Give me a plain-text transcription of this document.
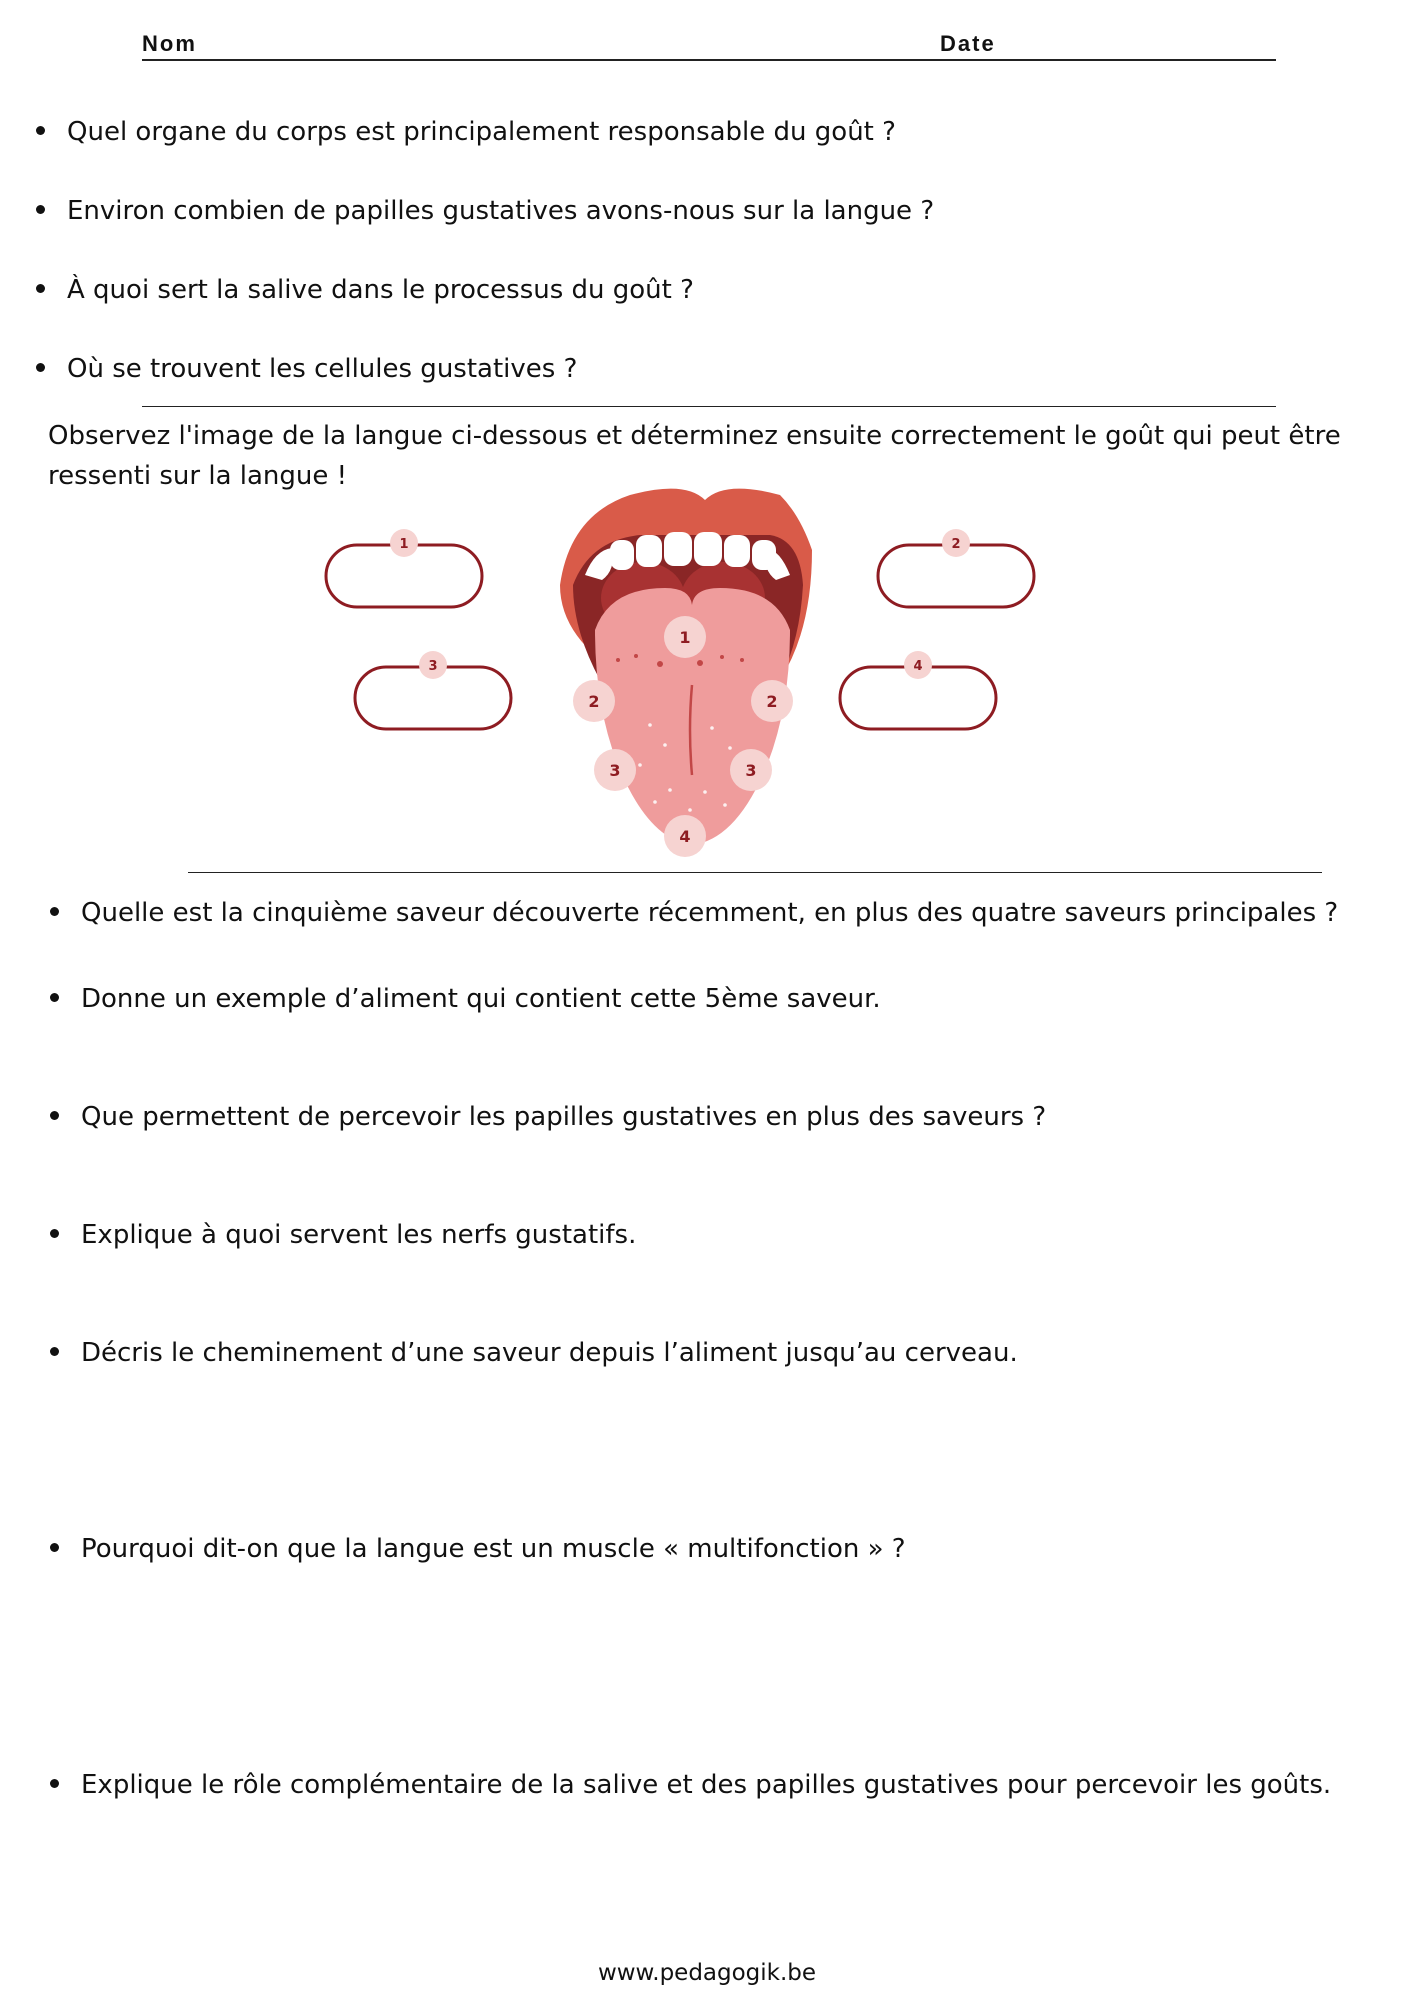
Nom	Date
Quel organe du corps est principalement responsable du goût ?
Environ combien de papilles gustatives avons-nous sur la langue ?
À quoi sert la salive dans le processus du goût ?
Où se trouvent les cellules gustatives ?
Observez l'image de la langue ci-dessous et déterminez ensuite correctement le goût qui peut être ressenti sur la langue !
1	2
3	4
1
2	2
3	3
4
Quelle est la cinquième saveur découverte récemment, en plus des quatre saveurs principales ?
Donne un exemple d’aliment qui contient cette 5ème saveur.
Que permettent de percevoir les papilles gustatives en plus des saveurs ?
Explique à quoi servent les nerfs gustatifs.
Décris le cheminement d’une saveur depuis l’aliment jusqu’au cerveau.
Pourquoi dit-on que la langue est un muscle « multifonction » ?
Explique le rôle complémentaire de la salive et des papilles gustatives pour percevoir les goûts.
www.pedagogik.be
